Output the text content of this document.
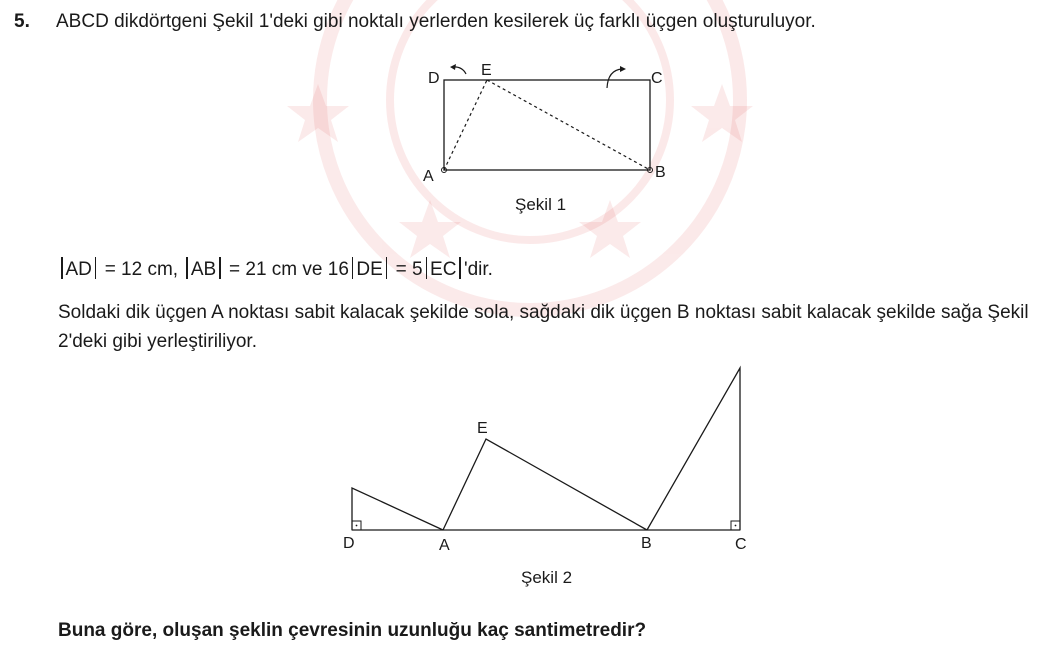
5. ABCD dikdörtgeni Şekil 1'deki gibi noktalı yerlerden kesilerek üç farklı üçgen oluşturuluyor.
D	E	C
A	B
Şekil 1
AD = 12 cm, AB = 21 cm ve 16 DE = 5 EC 'dir.
Soldaki dik üçgen A noktası sabit kalacak şekilde sola, sağdaki dik üçgen B noktası sabit kalacak şekilde sağa Şekil 2'deki gibi yerleştiriliyor.
D	A
E
B	C
Şekil 2
Buna göre, oluşan şeklin çevresinin uzunluğu kaç santimetredir?
